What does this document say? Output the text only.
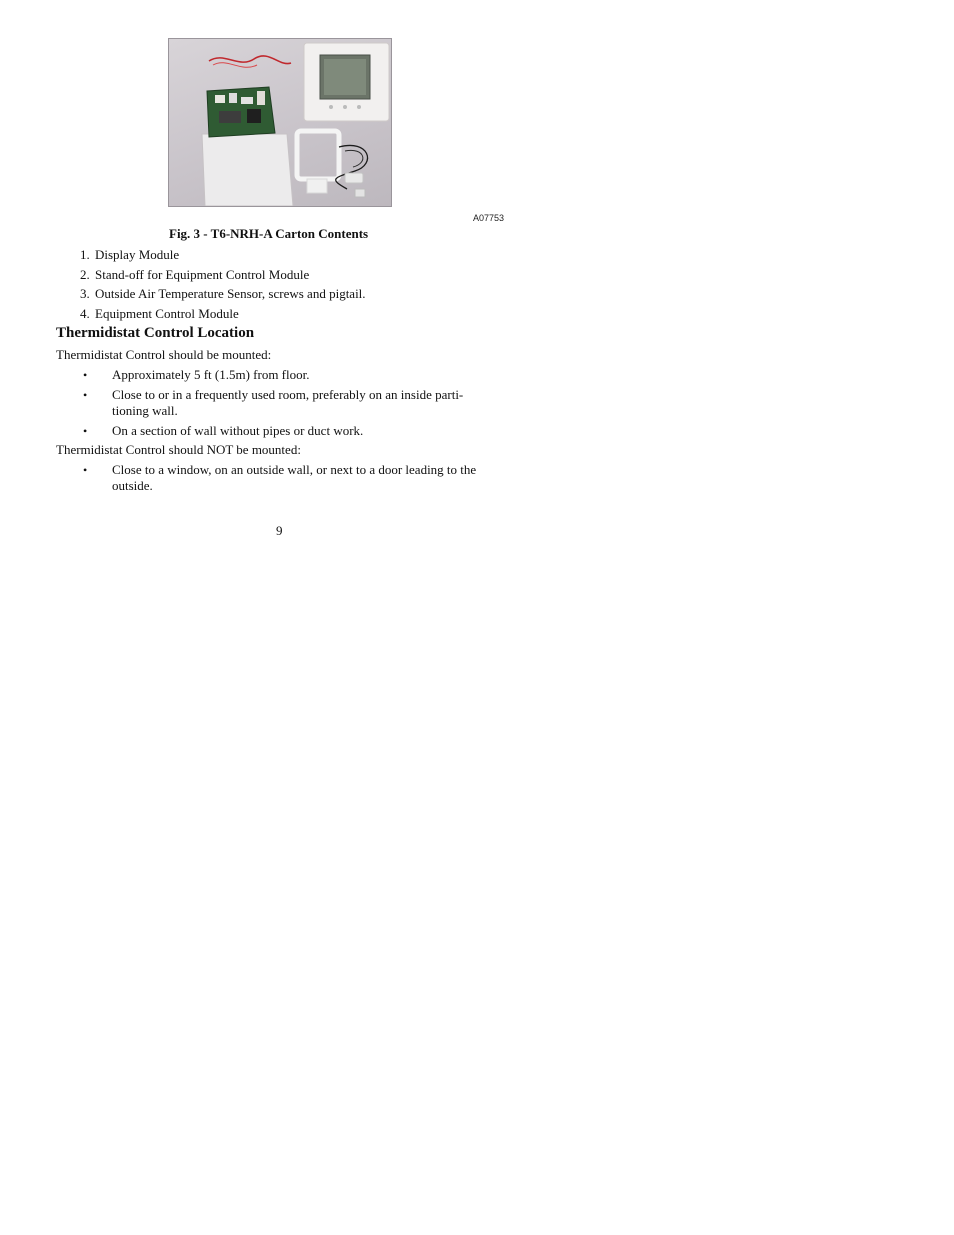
A07753
Fig. 3 - T6-NRH-A Carton Contents
1. Display Module
2. Stand-off for Equipment Control Module
3. Outside Air Temperature Sensor, screws and pigtail.
4. Equipment Control Module
Thermidistat Control Location
Thermidistat Control should be mounted:
• Approximately 5 ft (1.5m) from floor.
• Close to or in a frequently used room, preferably on an inside parti-
tioning wall.
• On a section of wall without pipes or duct work.
Thermidistat Control should NOT be mounted:
• Close to a window, on an outside wall, or next to a door leading to the
outside.
9
